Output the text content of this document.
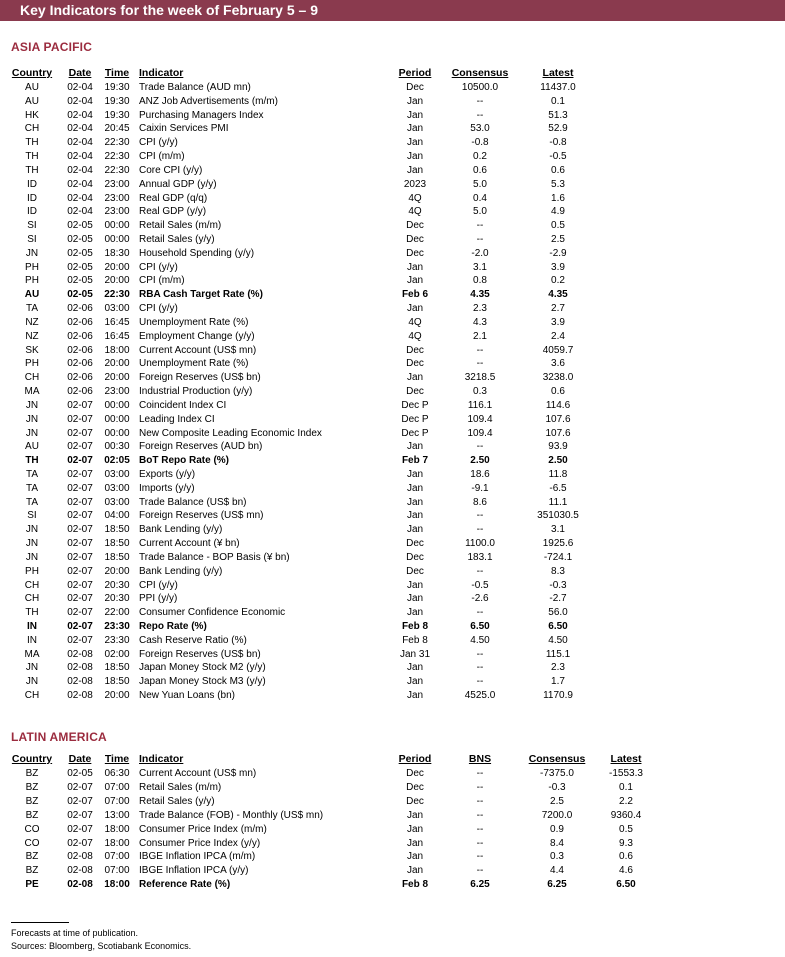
Key Indicators for the week of February 5 – 9
ASIA PACIFIC
Country	Date	Time Indicator	Period	Consensus	Latest
AU	02-04	19:30 Trade Balance (AUD mn)	Dec	10500.0	11437.0
AU	02-04	19:30 ANZ Job Advertisements (m/m)	Jan	--	0.1
HK	02-04	19:30 Purchasing Managers Index	Jan	--	51.3
CH	02-04	20:45 Caixin Services PMI	Jan	53.0	52.9
TH	02-04	22:30 CPI (y/y)	Jan	-0.8	-0.8
TH	02-04	22:30 CPI (m/m)	Jan	0.2	-0.5
TH	02-04	22:30 Core CPI (y/y)	Jan	0.6	0.6
ID	02-04	23:00 Annual GDP (y/y)	2023	5.0	5.3
ID	02-04	23:00 Real GDP (q/q)	4Q	0.4	1.6
ID	02-04	23:00 Real GDP (y/y)	4Q	5.0	4.9
SI	02-05	00:00 Retail Sales (m/m)	Dec	--	0.5
SI	02-05	00:00 Retail Sales (y/y)	Dec	--	2.5
JN	02-05	18:30 Household Spending (y/y)	Dec	-2.0	-2.9
PH	02-05	20:00 CPI (y/y)	Jan	3.1	3.9
PH	02-05	20:00 CPI (m/m)	Jan	0.8	0.2
AU	02-05	22:30 RBA Cash Target Rate (%)	Feb 6	4.35	4.35
TA	02-06	03:00 CPI (y/y)	Jan	2.3	2.7
NZ	02-06	16:45 Unemployment Rate (%)	4Q	4.3	3.9
NZ	02-06	16:45 Employment Change (y/y)	4Q	2.1	2.4
SK	02-06	18:00 Current Account (US$ mn)	Dec	--	4059.7
PH	02-06	20:00 Unemployment Rate (%)	Dec	--	3.6
CH	02-06	20:00 Foreign Reserves (US$ bn)	Jan	3218.5	3238.0
MA	02-06	23:00 Industrial Production (y/y)	Dec	0.3	0.6
JN	02-07	00:00 Coincident Index CI	Dec P	116.1	114.6
JN	02-07	00:00 Leading Index CI	Dec P	109.4	107.6
JN	02-07	00:00 New Composite Leading Economic Index	Dec P	109.4	107.6
AU	02-07	00:30 Foreign Reserves (AUD bn)	Jan	--	93.9
TH	02-07	02:05 BoT Repo Rate (%)	Feb 7	2.50	2.50
TA	02-07	03:00 Exports (y/y)	Jan	18.6	11.8
TA	02-07	03:00 Imports (y/y)	Jan	-9.1	-6.5
TA	02-07	03:00 Trade Balance (US$ bn)	Jan	8.6	11.1
SI	02-07	04:00 Foreign Reserves (US$ mn)	Jan	--	351030.5
JN	02-07	18:50 Bank Lending (y/y)	Jan	--	3.1
JN	02-07	18:50 Current Account (¥ bn)	Dec	1100.0	1925.6
JN	02-07	18:50 Trade Balance - BOP Basis (¥ bn)	Dec	183.1	-724.1
PH	02-07	20:00 Bank Lending (y/y)	Dec	--	8.3
CH	02-07	20:30 CPI (y/y)	Jan	-0.5	-0.3
CH	02-07	20:30 PPI (y/y)	Jan	-2.6	-2.7
TH	02-07	22:00 Consumer Confidence Economic	Jan	--	56.0
IN	02-07	23:30 Repo Rate (%)	Feb 8	6.50	6.50
IN	02-07	23:30 Cash Reserve Ratio (%)	Feb 8	4.50	4.50
MA	02-08	02:00 Foreign Reserves (US$ bn)	Jan 31	--	115.1
JN	02-08	18:50 Japan Money Stock M2 (y/y)	Jan	--	2.3
JN	02-08	18:50 Japan Money Stock M3 (y/y)	Jan	--	1.7
CH	02-08	20:00 New Yuan Loans (bn)	Jan	4525.0	1170.9
LATIN AMERICA
Country	Date	Time Indicator	Period	BNS	Consensus	Latest
BZ	02-05	06:30 Current Account (US$ mn)	Dec	--	-7375.0	-1553.3
BZ	02-07	07:00 Retail Sales (m/m)	Dec	--	-0.3	0.1
BZ	02-07	07:00 Retail Sales (y/y)	Dec	--	2.5	2.2
BZ	02-07	13:00 Trade Balance (FOB) - Monthly (US$ mn)	Jan	--	7200.0	9360.4
CO	02-07	18:00 Consumer Price Index (m/m)	Jan	--	0.9	0.5
CO	02-07	18:00 Consumer Price Index (y/y)	Jan	--	8.4	9.3
BZ	02-08	07:00 IBGE Inflation IPCA (m/m)	Jan	--	0.3	0.6
BZ	02-08	07:00 IBGE Inflation IPCA (y/y)	Jan	--	4.4	4.6
PE	02-08	18:00 Reference Rate (%)	Feb 8	6.25	6.25	6.50
Forecasts at time of publication.
Sources: Bloomberg, Scotiabank Economics.
